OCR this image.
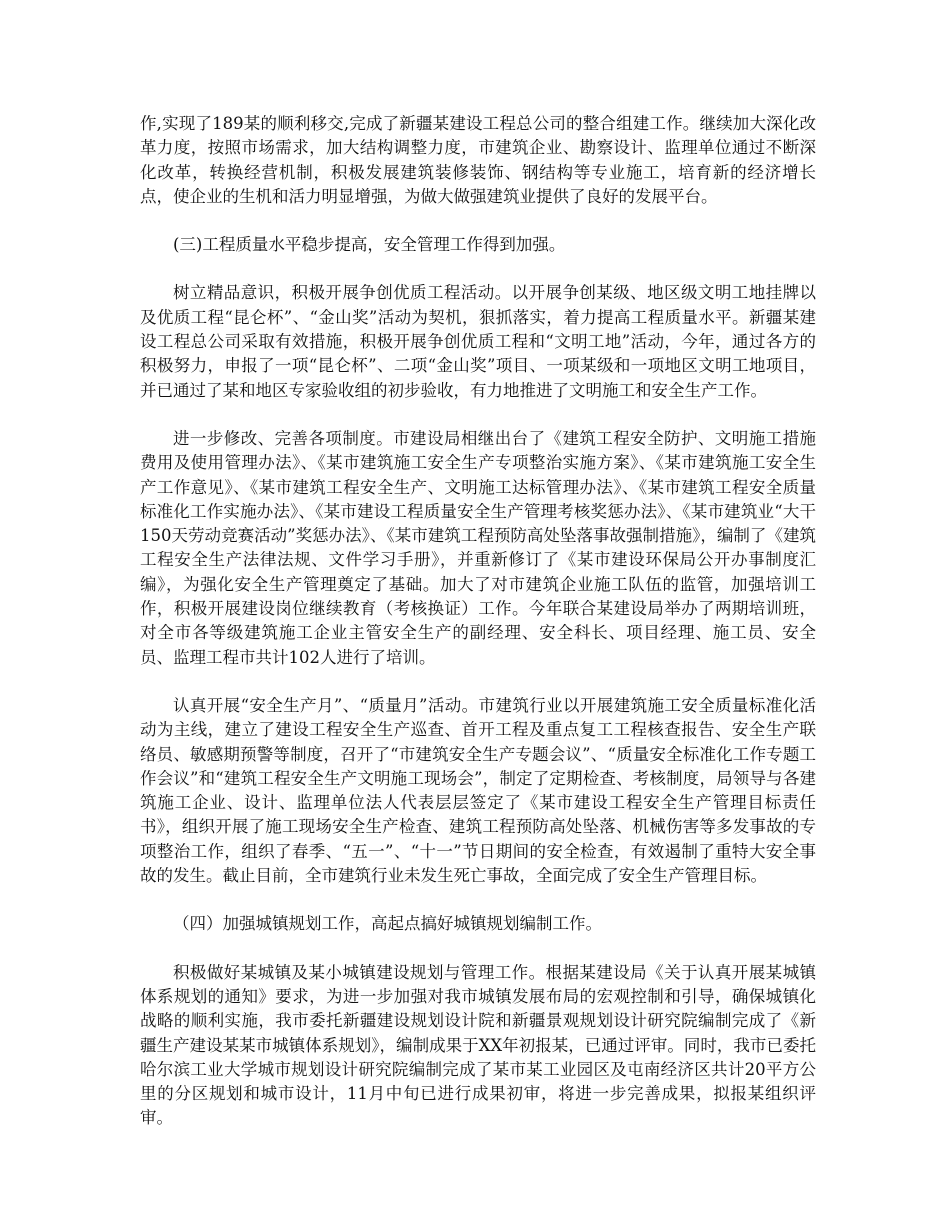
作,实现了189某的顺利移交,完成了新疆某建设工程总公司的整合组建工作。继续加大深化改革力度，按照市场需求，加大结构调整力度，市建筑企业、勘察设计、监理单位通过不断深化改革，转换经营机制，积极发展建筑装修装饰、钢结构等专业施工，培育新的经济增长点，使企业的生机和活力明显增强，为做大做强建筑业提供了良好的发展平台。

(三)工程质量水平稳步提高，安全管理工作得到加强。

树立精品意识，积极开展争创优质工程活动。以开展争创某级、地区级文明工地挂牌以及优质工程“昆仑杯”、“金山奖”活动为契机，狠抓落实，着力提高工程质量水平。新疆某建设工程总公司采取有效措施，积极开展争创优质工程和“文明工地”活动，今年，通过各方的积极努力，申报了一项“昆仑杯”、二项“金山奖”项目、一项某级和一项地区文明工地项目，并已通过了某和地区专家验收组的初步验收，有力地推进了文明施工和安全生产工作。

进一步修改、完善各项制度。市建设局相继出台了《建筑工程安全防护、文明施工措施费用及使用管理办法》、《某市建筑施工安全生产专项整治实施方案》、《某市建筑施工安全生产工作意见》、《某市建筑工程安全生产、文明施工达标管理办法》、《某市建筑工程安全质量标准化工作实施办法》、《某市建设工程质量安全生产管理考核奖惩办法》、《某市建筑业“大干150天劳动竞赛活动”奖惩办法》、《某市建筑工程预防高处坠落事故强制措施》，编制了《建筑工程安全生产法律法规、文件学习手册》，并重新修订了《某市建设环保局公开办事制度汇编》，为强化安全生产管理奠定了基础。加大了对市建筑企业施工队伍的监管，加强培训工作，积极开展建设岗位继续教育（考核换证）工作。今年联合某建设局举办了两期培训班，对全市各等级建筑施工企业主管安全生产的副经理、安全科长、项目经理、施工员、安全员、监理工程市共计102人进行了培训。

认真开展“安全生产月”、“质量月”活动。市建筑行业以开展建筑施工安全质量标准化活动为主线，建立了建设工程安全生产巡查、首开工程及重点复工工程核查报告、安全生产联络员、敏感期预警等制度，召开了“市建筑安全生产专题会议”、“质量安全标准化工作专题工作会议”和“建筑工程安全生产文明施工现场会”，制定了定期检查、考核制度，局领导与各建筑施工企业、设计、监理单位法人代表层层签定了《某市建设工程安全生产管理目标责任书》，组织开展了施工现场安全生产检查、建筑工程预防高处坠落、机械伤害等多发事故的专项整治工作，组织了春季、“五一”、“十一”节日期间的安全检查，有效遏制了重特大安全事故的发生。截止目前，全市建筑行业未发生死亡事故，全面完成了安全生产管理目标。

（四）加强城镇规划工作，高起点搞好城镇规划编制工作。

积极做好某城镇及某小城镇建设规划与管理工作。根据某建设局《关于认真开展某城镇体系规划的通知》要求，为进一步加强对我市城镇发展布局的宏观控制和引导，确保城镇化战略的顺利实施，我市委托新疆建设规划设计院和新疆景观规划设计研究院编制完成了《新疆生产建设某某市城镇体系规划》，编制成果于XX年初报某，已通过评审。同时，我市已委托哈尔滨工业大学城市规划设计研究院编制完成了某市某工业园区及屯南经济区共计20平方公里的分区规划和城市设计，11月中旬已进行成果初审，将进一步完善成果，拟报某组织评审。
